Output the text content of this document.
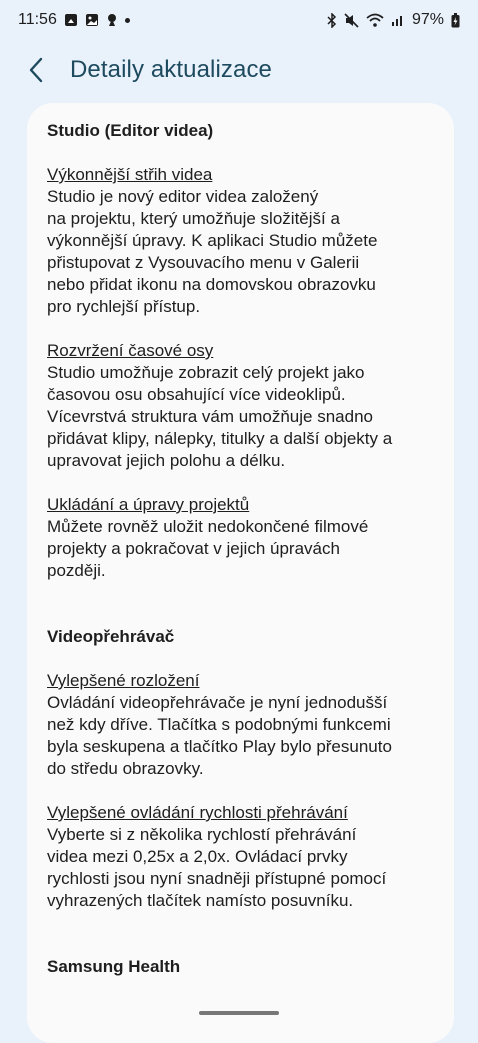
11:56	97%
Detaily aktualizace

Studio (Editor videa)

Výkonnější střih videa

Studio je nový editor videa založený

na projektu, který umožňuje složitější a

výkonnější úpravy. K aplikaci Studio můžete

přistupovat z Vysouvacího menu v Galerii

nebo přidat ikonu na domovskou obrazovku

pro rychlejší přístup.

Rozvržení časové osy

Studio umožňuje zobrazit celý projekt jako

časovou osu obsahující více videoklipů.

Vícevrstvá struktura vám umožňuje snadno

přidávat klipy, nálepky, titulky a další objekty a

upravovat jejich polohu a délku.

Ukládání a úpravy projektů

Můžete rovněž uložit nedokončené filmové

projekty a pokračovat v jejich úpravách

později.

Videopřehrávač

Vylepšené rozložení

Ovládání videopřehrávače je nyní jednodušší

než kdy dříve. Tlačítka s podobnými funkcemi

byla seskupena a tlačítko Play bylo přesunuto

do středu obrazovky.

Vylepšené ovládání rychlosti přehrávání

Vyberte si z několika rychlostí přehrávání

videa mezi 0,25x a 2,0x. Ovládací prvky

rychlosti jsou nyní snadněji přístupné pomocí

vyhrazených tlačítek namísto posuvníku.

Samsung Health
